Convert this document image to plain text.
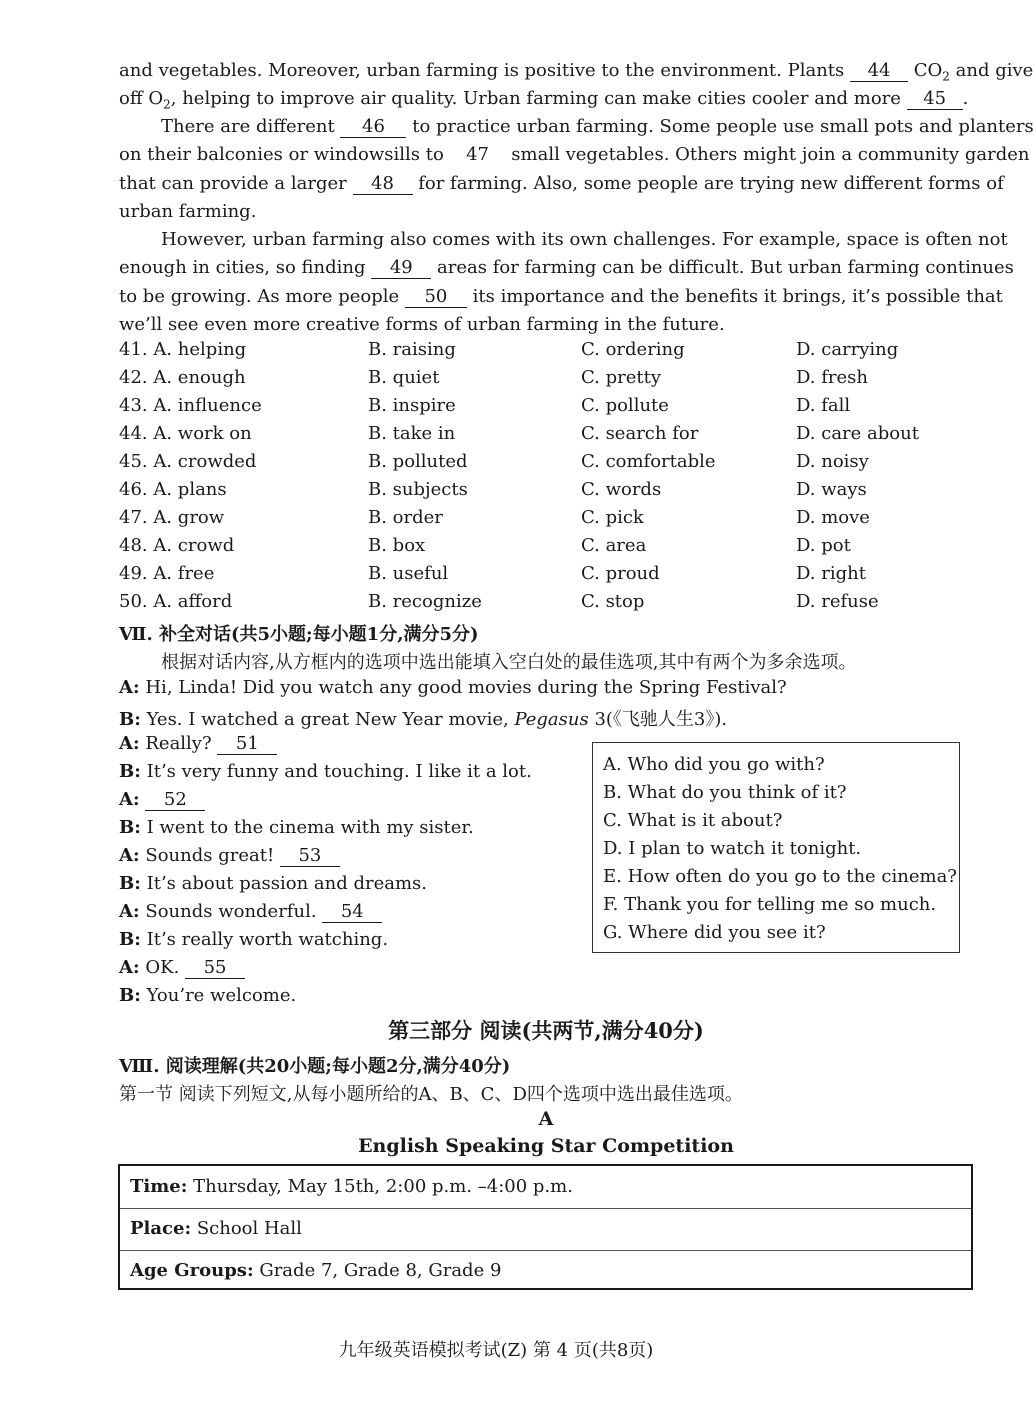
and vegetables. Moreover, urban farming is positive to the environment. Plants 44 $CO_2$ and give
off $O_2$, helping to improve air quality. Urban farming can make cities cooler and more 45 .
There are different 46 to practice urban farming. Some people use small pots and planters
on their balconies or windowsills to 47 small vegetables. Others might join a community garden
that can provide a larger 48 for farming. Also, some people are trying new different forms of
urban farming.
However, urban farming also comes with its own challenges. For example, space is often not
enough in cities, so finding 49 areas for farming can be difficult. But urban farming continues
to be growing. As more people 50 its importance and the benefits it brings, it’s possible that
we’ll see even more creative forms of urban farming in the future.
41. A. helping	B. raising	C. ordering	D. carrying
42. A. enough	B. quiet	C. pretty	D. fresh
43. A. influence	B. inspire	C. pollute	D. fall
44. A. work on	B. take in	C. search for	D. care about
45. A. crowded	B. polluted	C. comfortable	D. noisy
46. A. plans	B. subjects	C. words	D. ways
47. A. grow	B. order	C. pick	D. move
48. A. crowd	B. box	C. area	D. pot
49. A. free	B. useful	C. proud	D. right
50. A. afford	B. recognize	C. stop	D. refuse
Ⅶ. 补全对话(共5小题;每小题1分,满分5分)
根据对话内容,从方框内的选项中选出能填入空白处的最佳选项,其中有两个为多余选项。
A: Hi, Linda! Did you watch any good movies during the Spring Festival?
B: Yes. I watched a great New Year movie, Pegasus 3(《飞驰人生3》).
A: Really? 51
B: It’s very funny and touching. I like it a lot.
A: 52
B: I went to the cinema with my sister.
A: Sounds great! 53
B: It’s about passion and dreams.
A: Sounds wonderful. 54
B: It’s really worth watching.
A: OK. 55
B: You’re welcome.
A. Who did you go with?
B. What do you think of it?
C. What is it about?
D. I plan to watch it tonight.
E. How often do you go to the cinema?
F. Thank you for telling me so much.
G. Where did you see it?
第三部分 阅读(共两节,满分40分)
Ⅷ. 阅读理解(共20小题;每小题2分,满分40分)
第一节 阅读下列短文,从每小题所给的A、B、C、D四个选项中选出最佳选项。
A
English Speaking Star Competition
Time: Thursday, May 15th, 2:00 p.m. –4:00 p.m.
Place: School Hall
Age Groups: Grade 7, Grade 8, Grade 9
九年级英语模拟考试(Z) 第 4 页(共8页)
